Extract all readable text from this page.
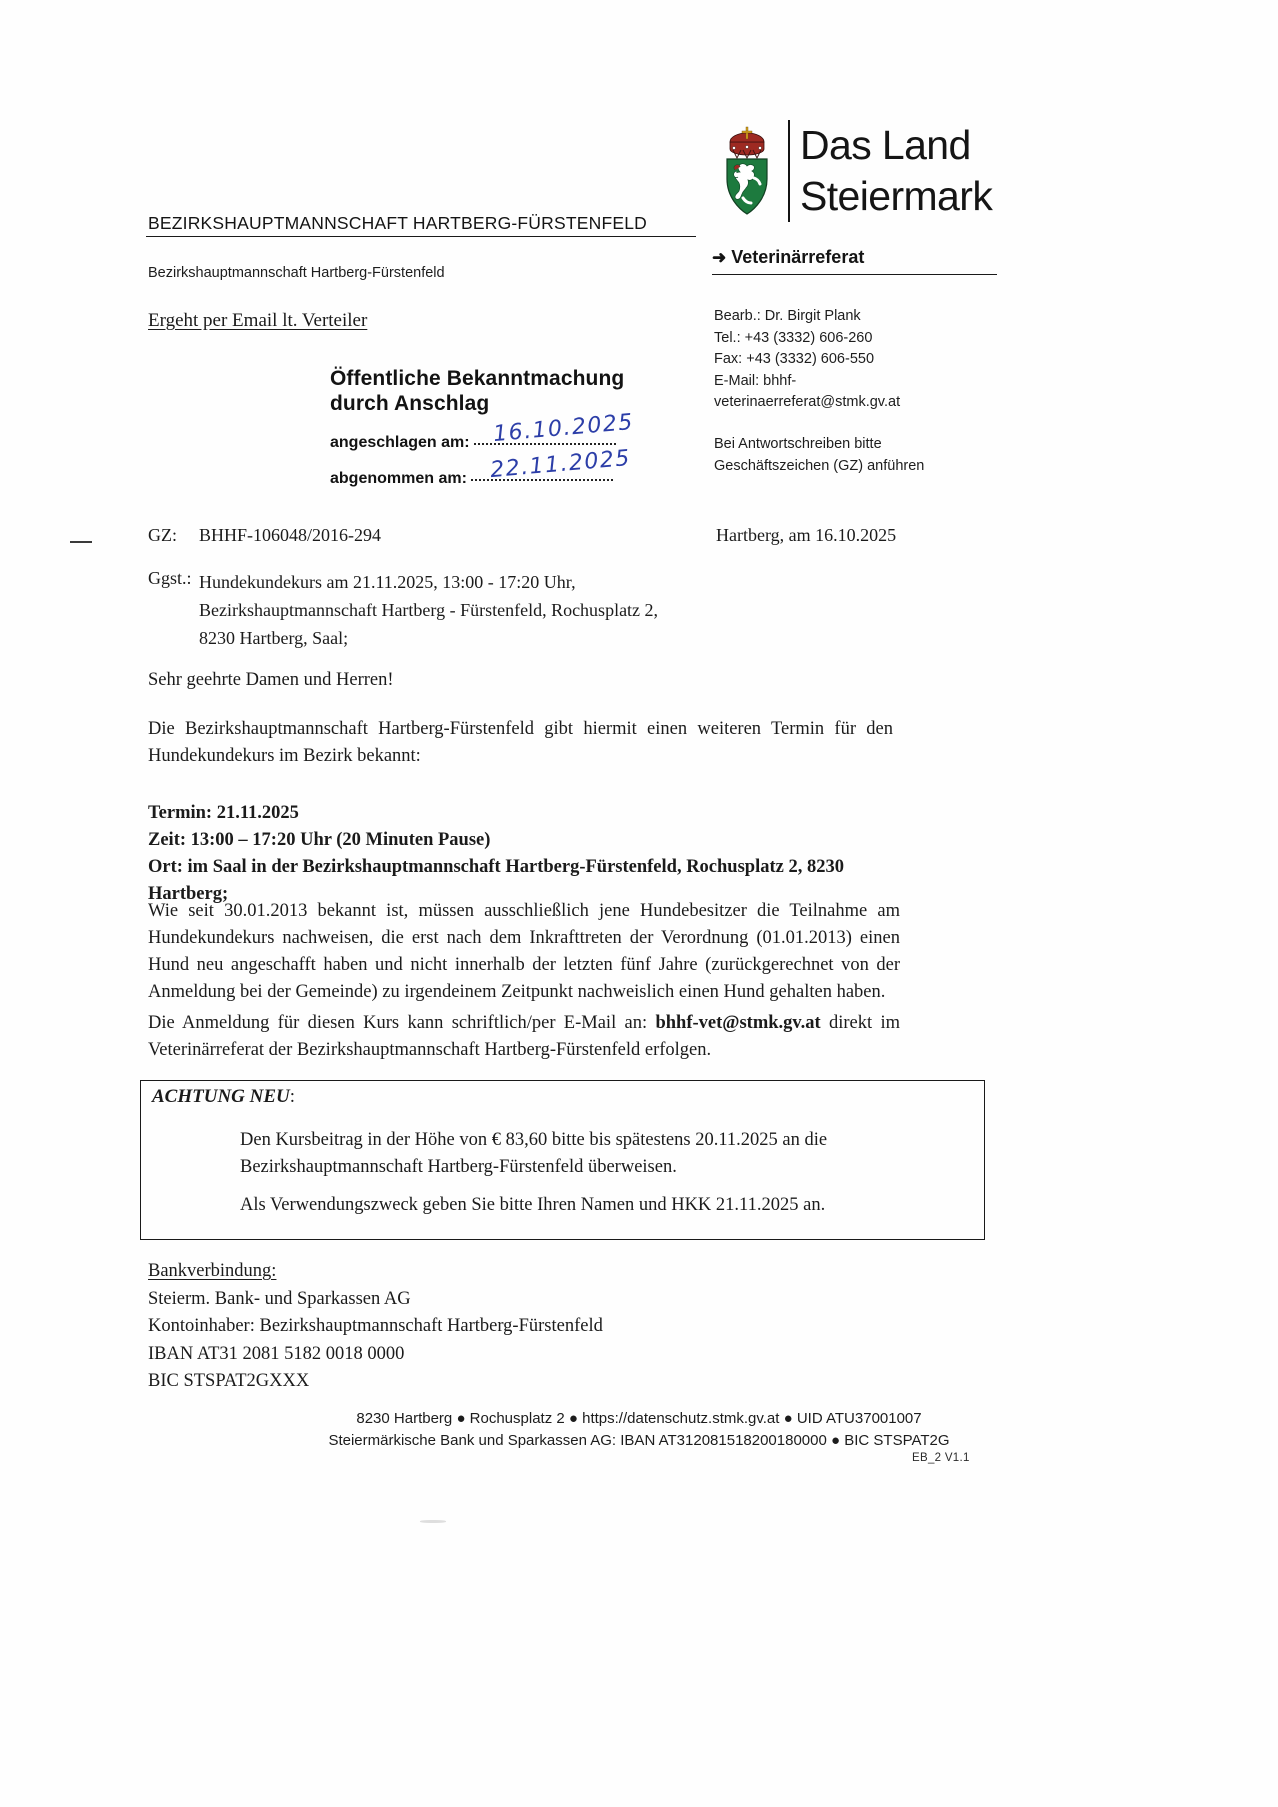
BEZIRKSHAUPTMANNSCHAFT HARTBERG-FÜRSTENFELD
Bezirkshauptmannschaft Hartberg-Fürstenfeld
Das Land
Steiermark
➜ Veterinärreferat
Bearb.: Dr. Birgit Plank
Tel.: +43 (3332) 606-260
Fax: +43 (3332) 606-550
E-Mail: bhhf-
veterinaerreferat@stmk.gv.at
Bei Antwortschreiben bitte
Geschäftszeichen (GZ) anführen
Ergeht per Email lt. Verteiler
Öffentliche Bekanntmachung
durch Anschlag
angeschlagen am: 16.10.2025
abgenommen am: 22.11.2025
GZ: BHHF-106048/2016-294	Hartberg, am 16.10.2025
Ggst.: Hundekundekurs am 21.11.2025, 13:00 - 17:20 Uhr,
Bezirkshauptmannschaft Hartberg - Fürstenfeld, Rochusplatz 2,
8230 Hartberg, Saal;
Sehr geehrte Damen und Herren!
Die Bezirkshauptmannschaft Hartberg-Fürstenfeld gibt hiermit einen weiteren Termin für den Hundekundekurs im Bezirk bekannt:
Termin: 21.11.2025
Zeit: 13:00 – 17:20 Uhr (20 Minuten Pause)
Ort: im Saal in der Bezirkshauptmannschaft Hartberg-Fürstenfeld, Rochusplatz 2, 8230 Hartberg;
Wie seit 30.01.2013 bekannt ist, müssen ausschließlich jene Hundebesitzer die Teilnahme am Hundekundekurs nachweisen, die erst nach dem Inkrafttreten der Verordnung (01.01.2013) einen Hund neu angeschafft haben und nicht innerhalb der letzten fünf Jahre (zurückgerechnet von der Anmeldung bei der Gemeinde) zu irgendeinem Zeitpunkt nachweislich einen Hund gehalten haben.
Die Anmeldung für diesen Kurs kann schriftlich/per E-Mail an: bhhf-vet@stmk.gv.at direkt im Veterinärreferat der Bezirkshauptmannschaft Hartberg-Fürstenfeld erfolgen.
ACHTUNG NEU:
Den Kursbeitrag in der Höhe von € 83,60 bitte bis spätestens 20.11.2025 an die Bezirkshauptmannschaft Hartberg-Fürstenfeld überweisen.
Als Verwendungszweck geben Sie bitte Ihren Namen und HKK 21.11.2025 an.
Bankverbindung:
Steierm. Bank- und Sparkassen AG
Kontoinhaber: Bezirkshauptmannschaft Hartberg-Fürstenfeld
IBAN AT31 2081 5182 0018 0000
BIC STSPAT2GXXX
8230 Hartberg ● Rochusplatz 2 ● https://datenschutz.stmk.gv.at ● UID ATU37001007
Steiermärkische Bank und Sparkassen AG: IBAN AT312081518200180000 ● BIC STSPAT2G
EB_2 V1.1
